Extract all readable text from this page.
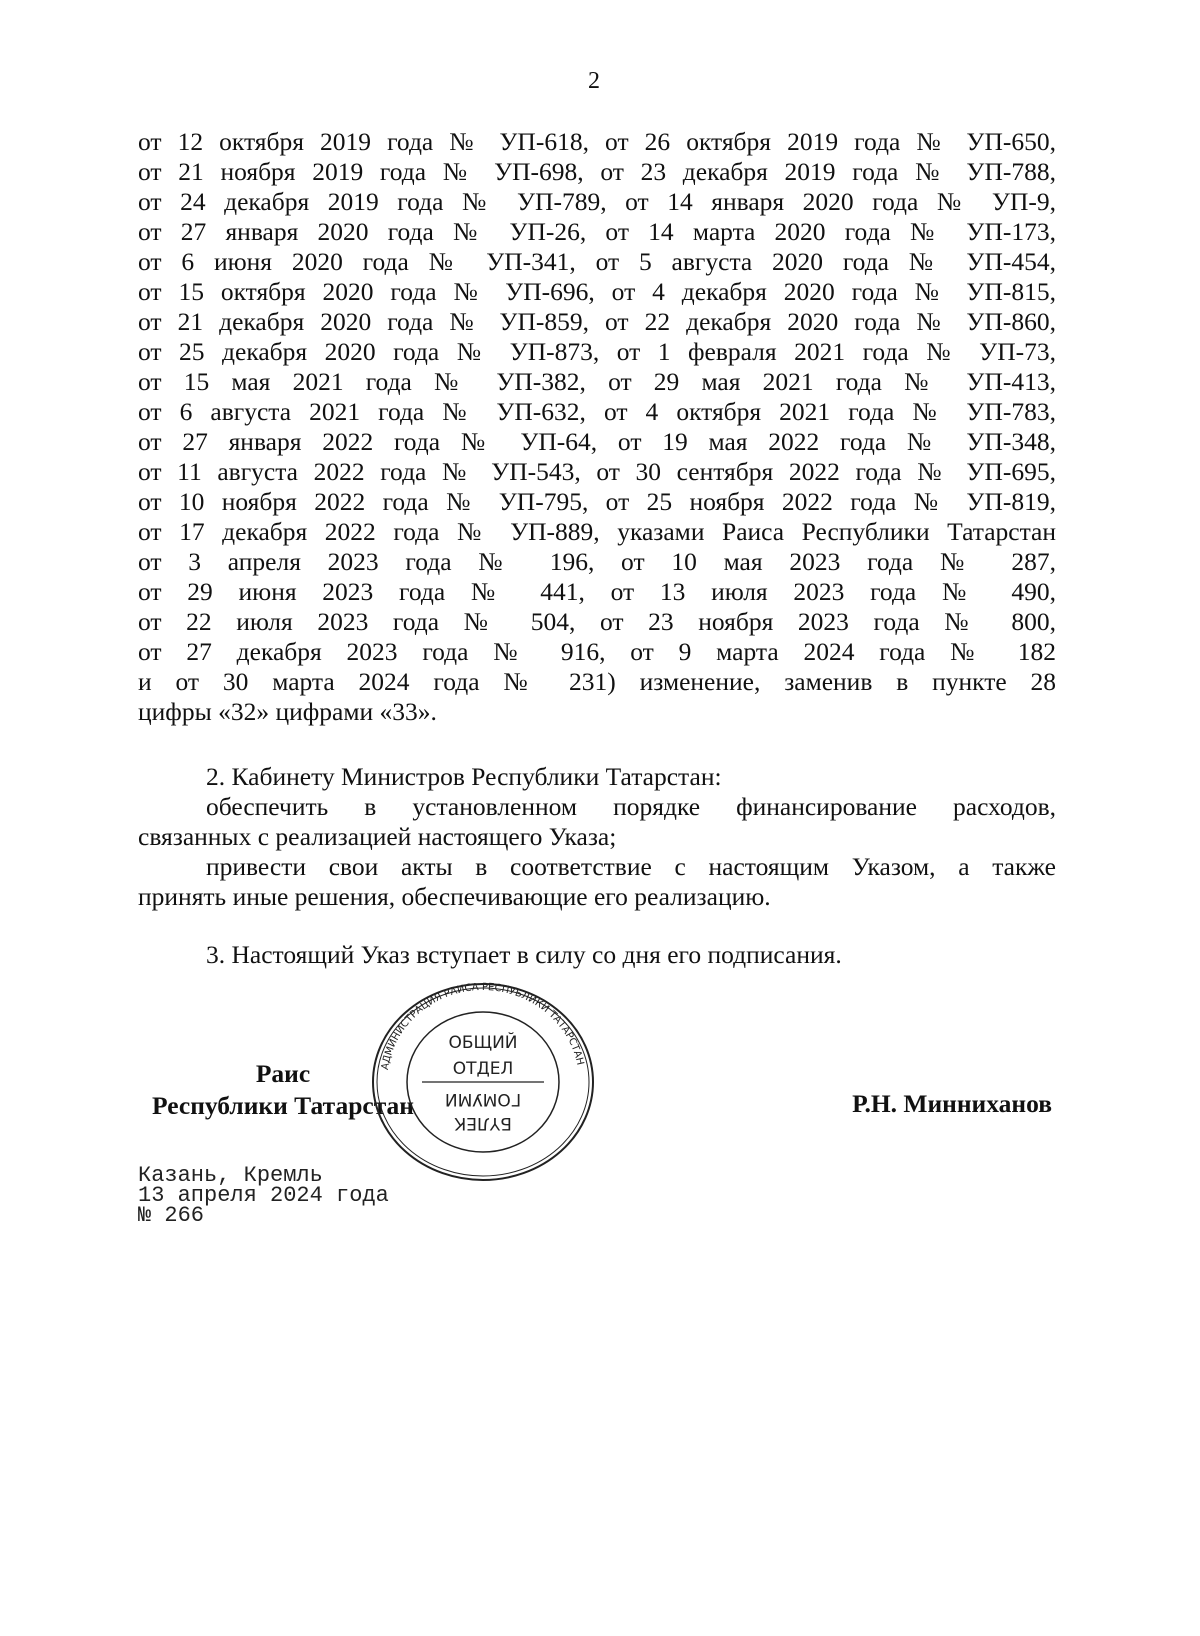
2
от 12 октября 2019 года № УП-618, от 26 октября 2019 года № УП-650,
от 21 ноября 2019 года № УП-698, от 23 декабря 2019 года № УП-788,
от 24 декабря 2019 года № УП-789, от 14 января 2020 года № УП-9,
от 27 января 2020 года № УП-26, от 14 марта 2020 года № УП-173,
от 6 июня 2020 года № УП-341, от 5 августа 2020 года № УП-454,
от 15 октября 2020 года № УП-696, от 4 декабря 2020 года № УП-815,
от 21 декабря 2020 года № УП-859, от 22 декабря 2020 года № УП-860,
от 25 декабря 2020 года № УП-873, от 1 февраля 2021 года № УП-73,
от 15 мая 2021 года № УП-382, от 29 мая 2021 года № УП-413,
от 6 августа 2021 года № УП-632, от 4 октября 2021 года № УП-783,
от 27 января 2022 года № УП-64, от 19 мая 2022 года № УП-348,
от 11 августа 2022 года № УП-543, от 30 сентября 2022 года № УП-695,
от 10 ноября 2022 года № УП-795, от 25 ноября 2022 года № УП-819,
от 17 декабря 2022 года № УП-889, указами Раиса Республики Татарстан
от 3 апреля 2023 года № 196, от 10 мая 2023 года № 287,
от 29 июня 2023 года № 441, от 13 июля 2023 года № 490,
от 22 июля 2023 года № 504, от 23 ноября 2023 года № 800,
от 27 декабря 2023 года № 916, от 9 марта 2024 года № 182
и от 30 марта 2024 года № 231) изменение, заменив в пункте 28
цифры «32» цифрами «33».
2. Кабинету Министров Республики Татарстан:
обеспечить в установленном порядке финансирование расходов,
связанных с реализацией настоящего Указа;
привести свои акты в соответствие с настоящим Указом, а также
принять иные решения, обеспечивающие его реализацию.
3. Настоящий Указ вступает в силу со дня его подписания.
Раис
Республики Татарстан	Р.Н. Минниханов
АДМИНИСТРАЦИЯ РАИСА РЕСПУБЛИКИ ТАТАРСТАН
ОБЩИЙ
ОТДЕЛ
БҮЛЕК
ГОМУМИ
Казань, Кремль
13 апреля 2024 года
№ 266
